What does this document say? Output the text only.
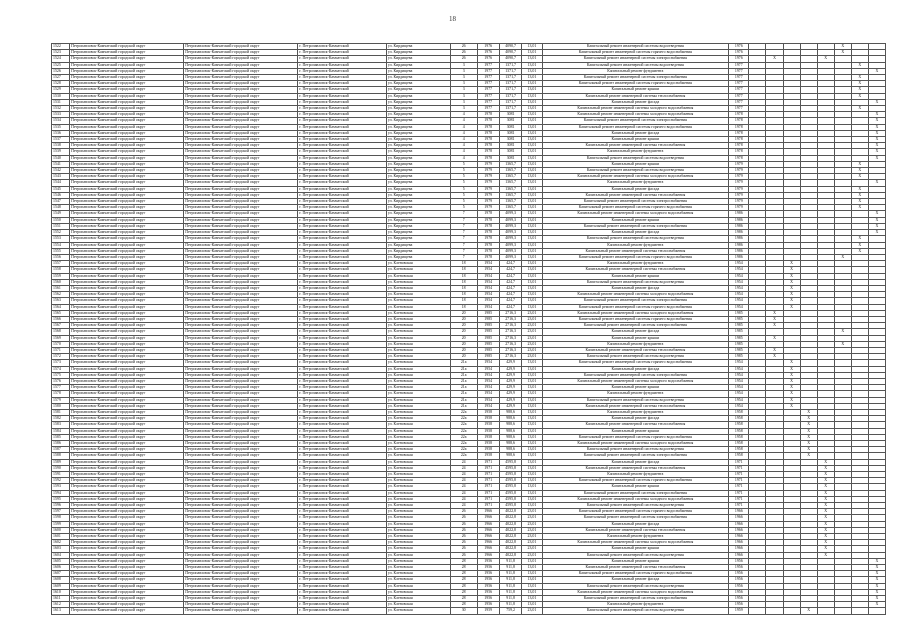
18
1522	Петропавловск-Камчатский городской округ	Петропавловск-Камчатский городской округ	г. Петропавловск-Камчатский	ул. Кирдищева	26	1976	4090,7	13,01	Капитальный ремонт инженерной системы водоотведения	1976						X		
1523	Петропавловск-Камчатский городской округ	Петропавловск-Камчатский городской округ	г. Петропавловск-Камчатский	ул. Кирдищева	26	1976	4090,7	13,01	Капитальный ремонт инженерной системы горячего водоснабжения	1976						X		
1524	Петропавловск-Камчатский городской округ	Петропавловск-Камчатский городской округ	г. Петропавловск-Камчатский	ул. Кирдищева	26	1976	4090,7	13,01	Капитальный ремонт инженерной системы электроснабжения	1976		X			X			
1525	Петропавловск-Камчатский городской округ	Петропавловск-Камчатский городской округ	г. Петропавловск-Камчатский	ул. Кирдищева	3	1977	1371,7	13,01	Капитальный ремонт инженерной системы водоотведения	1977							X	
1526	Петропавловск-Камчатский городской округ	Петропавловск-Камчатский городской округ	г. Петропавловск-Камчатский	ул. Кирдищева	3	1977	1371,7	13,01	Капитальный ремонт фундамента	1977								X
1527	Петропавловск-Камчатский городской округ	Петропавловск-Камчатский городской округ	г. Петропавловск-Камчатский	ул. Кирдищева	3	1977	1371,7	13,01	Капитальный ремонт инженерной системы электроснабжения	1977							X	
1528	Петропавловск-Камчатский городской округ	Петропавловск-Камчатский городской округ	г. Петропавловск-Камчатский	ул. Кирдищева	3	1977	1371,7	13,01	Капитальный ремонт инженерной системы горячего водоснабжения	1977							X	
1529	Петропавловск-Камчатский городской округ	Петропавловск-Камчатский городской округ	г. Петропавловск-Камчатский	ул. Кирдищева	3	1977	1371,7	13,01	Капитальный ремонт крыши	1977							X	
1530	Петропавловск-Камчатский городской округ	Петропавловск-Камчатский городской округ	г. Петропавловск-Камчатский	ул. Кирдищева	3	1977	1371,7	13,01	Капитальный ремонт инженерной системы теплоснабжения	1977							X	
1531	Петропавловск-Камчатский городской округ	Петропавловск-Камчатский городской округ	г. Петропавловск-Камчатский	ул. Кирдищева	3	1977	1371,7	13,01	Капитальный ремонт фасада	1977								X
1532	Петропавловск-Камчатский городской округ	Петропавловск-Камчатский городской округ	г. Петропавловск-Камчатский	ул. Кирдищева	3	1977	1371,7	13,01	Капитальный ремонт инженерной системы холодного водоснабжения	1977							X	
1533	Петропавловск-Камчатский городской округ	Петропавловск-Камчатский городской округ	г. Петропавловск-Камчатский	ул. Кирдищева	4	1978	3081	13,01	Капитальный ремонт инженерной системы холодного водоснабжения	1978								X
1534	Петропавловск-Камчатский городской округ	Петропавловск-Камчатский городской округ	г. Петропавловск-Камчатский	ул. Кирдищева	4	1978	3081	13,01	Капитальный ремонт инженерной системы электроснабжения	1978								X
1535	Петропавловск-Камчатский городской округ	Петропавловск-Камчатский городской округ	г. Петропавловск-Камчатский	ул. Кирдищева	4	1978	3081	13,01	Капитальный ремонт инженерной системы горячего водоснабжения	1978								X
1536	Петропавловск-Камчатский городской округ	Петропавловск-Камчатский городской округ	г. Петропавловск-Камчатский	ул. Кирдищева	4	1978	3081	13,01	Капитальный ремонт фасада	1978								X
1537	Петропавловск-Камчатский городской округ	Петропавловск-Камчатский городской округ	г. Петропавловск-Камчатский	ул. Кирдищева	4	1978	3081	13,01	Капитальный ремонт крыши	1978								X
1538	Петропавловск-Камчатский городской округ	Петропавловск-Камчатский городской округ	г. Петропавловск-Камчатский	ул. Кирдищева	4	1978	3081	13,01	Капитальный ремонт инженерной системы теплоснабжения	1978								X
1539	Петропавловск-Камчатский городской округ	Петропавловск-Камчатский городской округ	г. Петропавловск-Камчатский	ул. Кирдищева	4	1978	3081	13,01	Капитальный ремонт фундамента	1978								X
1540	Петропавловск-Камчатский городской округ	Петропавловск-Камчатский городской округ	г. Петропавловск-Камчатский	ул. Кирдищева	4	1978	3081	13,01	Капитальный ремонт инженерной системы водоотведения	1978								X
1541	Петропавловск-Камчатский городской округ	Петропавловск-Камчатский городской округ	г. Петропавловск-Камчатский	ул. Кирдищева	5	1979	1365,7	13,01	Капитальный ремонт крыши	1979							X	
1542	Петропавловск-Камчатский городской округ	Петропавловск-Камчатский городской округ	г. Петропавловск-Камчатский	ул. Кирдищева	5	1979	1365,7	13,01	Капитальный ремонт инженерной системы водоотведения	1979							X	
1543	Петропавловск-Камчатский городской округ	Петропавловск-Камчатский городской округ	г. Петропавловск-Камчатский	ул. Кирдищева	5	1979	1365,7	13,01	Капитальный ремонт инженерной системы холодного водоснабжения	1979							X	
1544	Петропавловск-Камчатский городской округ	Петропавловск-Камчатский городской округ	г. Петропавловск-Камчатский	ул. Кирдищева	5	1979	1365,7	13,01	Капитальный ремонт фундамента	1979								X
1545	Петропавловск-Камчатский городской округ	Петропавловск-Камчатский городской округ	г. Петропавловск-Камчатский	ул. Кирдищева	5	1979	1365,7	13,01	Капитальный ремонт фасада	1979							X	
1546	Петропавловск-Камчатский городской округ	Петропавловск-Камчатский городской округ	г. Петропавловск-Камчатский	ул. Кирдищева	5	1979	1365,7	13,01	Капитальный ремонт инженерной системы теплоснабжения	1979							X	
1547	Петропавловск-Камчатский городской округ	Петропавловск-Камчатский городской округ	г. Петропавловск-Камчатский	ул. Кирдищева	5	1979	1365,7	13,01	Капитальный ремонт инженерной системы электроснабжения	1979							X	
1548	Петропавловск-Камчатский городской округ	Петропавловск-Камчатский городской округ	г. Петропавловск-Камчатский	ул. Кирдищева	5	1979	1365,7	13,01	Капитальный ремонт инженерной системы горячего водоснабжения	1979							X	
1549	Петропавловск-Камчатский городской округ	Петропавловск-Камчатский городской округ	г. Петропавловск-Камчатский	ул. Кирдищева	7	1978	4099,3	13,01	Капитальный ремонт инженерной системы холодного водоснабжения	1986								X
1550	Петропавловск-Камчатский городской округ	Петропавловск-Камчатский городской округ	г. Петропавловск-Камчатский	ул. Кирдищева	7	1978	4099,3	13,01	Капитальный ремонт крыши	1986								X
1551	Петропавловск-Камчатский городской округ	Петропавловск-Камчатский городской округ	г. Петропавловск-Камчатский	ул. Кирдищева	7	1978	4099,3	13,01	Капитальный ремонт инженерной системы электроснабжения	1986								X
1552	Петропавловск-Камчатский городской округ	Петропавловск-Камчатский городской округ	г. Петропавловск-Камчатский	ул. Кирдищева	7	1978	4099,3	13,01	Капитальный ремонт фасада	1986								X
1553	Петропавловск-Камчатский городской округ	Петропавловск-Камчатский городской округ	г. Петропавловск-Камчатский	ул. Кирдищева	7	1978	4099,3	13,01	Капитальный ремонт инженерной системы водоотведения	1986							X	
1554	Петропавловск-Камчатский городской округ	Петропавловск-Камчатский городской округ	г. Петропавловск-Камчатский	ул. Кирдищева	7	1978	4099,3	13,01	Капитальный ремонт фундамента	1986							X	
1555	Петропавловск-Камчатский городской округ	Петропавловск-Камчатский городской округ	г. Петропавловск-Камчатский	ул. Кирдищева	7	1978	4099,3	13,01	Капитальный ремонт инженерной системы теплоснабжения	1986							X	
1556	Петропавловск-Камчатский городской округ	Петропавловск-Камчатский городской округ	г. Петропавловск-Камчатский	ул. Кирдищева	7	1978	4099,3	13,01	Капитальный ремонт инженерной системы горячего водоснабжения	1986						X		
1557	Петропавловск-Камчатский городской округ	Петропавловск-Камчатский городской округ	г. Петропавловск-Камчатский	ул. Кленовская	18	1954	424,7	13,01	Капитальный ремонт фундамента	1954			X					
1558	Петропавловск-Камчатский городской округ	Петропавловск-Камчатский городской округ	г. Петропавловск-Камчатский	ул. Кленовская	18	1954	424,7	13,01	Капитальный ремонт инженерной системы теплоснабжения	1954			X					
1559	Петропавловск-Камчатский городской округ	Петропавловск-Камчатский городской округ	г. Петропавловск-Камчатский	ул. Кленовская	18	1954	424,7	13,01	Капитальный ремонт крыши	1954			X					
1560	Петропавловск-Камчатский городской округ	Петропавловск-Камчатский городской округ	г. Петропавловск-Камчатский	ул. Кленовская	18	1954	424,7	13,01	Капитальный ремонт инженерной системы водоотведения	1954			X					
1561	Петропавловск-Камчатский городской округ	Петропавловск-Камчатский городской округ	г. Петропавловск-Камчатский	ул. Кленовская	18	1954	424,7	13,01	Капитальный ремонт фасада	1954			X					
1562	Петропавловск-Камчатский городской округ	Петропавловск-Камчатский городской округ	г. Петропавловск-Камчатский	ул. Кленовская	18	1954	424,7	13,01	Капитальный ремонт инженерной системы холодного водоснабжения	1954			X					
1563	Петропавловск-Камчатский городской округ	Петропавловск-Камчатский городской округ	г. Петропавловск-Камчатский	ул. Кленовская	18	1954	424,7	13,01	Капитальный ремонт инженерной системы электроснабжения	1954			X					
1564	Петропавловск-Камчатский городской округ	Петропавловск-Камчатский городской округ	г. Петропавловск-Камчатский	ул. Кленовская	18	1954	424,7	13,01	Капитальный ремонт инженерной системы горячего водоснабжения	1954			X					
1565	Петропавловск-Камчатский городской округ	Петропавловск-Камчатский городской округ	г. Петропавловск-Камчатский	ул. Кленовская	20	1985	2716,3	23,01	Капитальный ремонт инженерной системы холодного водоснабжения	1985		X						
1566	Петропавловск-Камчатский городской округ	Петропавловск-Камчатский городской округ	г. Петропавловск-Камчатский	ул. Кленовская	20	1985	2716,3	23,01	Капитальный ремонт инженерной системы горячего водоснабжения	1985		X						
1567	Петропавловск-Камчатский городской округ	Петропавловск-Камчатский городской округ	г. Петропавловск-Камчатский	ул. Кленовская	20	1985	2716,3	23,01	Капитальный ремонт инженерной системы электроснабжения	1985		X						
1568	Петропавловск-Камчатский городской округ	Петропавловск-Камчатский городской округ	г. Петропавловск-Камчатский	ул. Кленовская	20	1985	2716,3	23,01	Капитальный ремонт фасада	1985						X		
1569	Петропавловск-Камчатский городской округ	Петропавловск-Камчатский городской округ	г. Петропавловск-Камчатский	ул. Кленовская	20	1985	2716,3	23,01	Капитальный ремонт крыши	1985		X						
1570	Петропавловск-Камчатский городской округ	Петропавловск-Камчатский городской округ	г. Петропавловск-Камчатский	ул. Кленовская	20	1985	2716,3	23,01	Капитальный ремонт фундамента	1985						X		
1571	Петропавловск-Камчатский городской округ	Петропавловск-Камчатский городской округ	г. Петропавловск-Камчатский	ул. Кленовская	20	1985	2716,3	23,01	Капитальный ремонт инженерной системы теплоснабжения	1985		X						
1572	Петропавловск-Камчатский городской округ	Петропавловск-Камчатский городской округ	г. Петропавловск-Камчатский	ул. Кленовская	20	1985	2716,3	23,01	Капитальный ремонт инженерной системы водоотведения	1985		X						
1573	Петропавловск-Камчатский городской округ	Петропавловск-Камчатский городской округ	г. Петропавловск-Камчатский	ул. Кленовская	21а	1954	429,9	13,01	Капитальный ремонт инженерной системы горячего водоснабжения	1954			X					
1574	Петропавловск-Камчатский городской округ	Петропавловск-Камчатский городской округ	г. Петропавловск-Камчатский	ул. Кленовская	21а	1954	429,9	13,01	Капитальный ремонт фасада	1954			X					
1575	Петропавловск-Камчатский городской округ	Петропавловск-Камчатский городской округ	г. Петропавловск-Камчатский	ул. Кленовская	21а	1954	429,9	13,01	Капитальный ремонт инженерной системы электроснабжения	1954			X					
1576	Петропавловск-Камчатский городской округ	Петропавловск-Камчатский городской округ	г. Петропавловск-Камчатский	ул. Кленовская	21а	1954	429,9	13,01	Капитальный ремонт инженерной системы холодного водоснабжения	1954			X					
1577	Петропавловск-Камчатский городской округ	Петропавловск-Камчатский городской округ	г. Петропавловск-Камчатский	ул. Кленовская	21а	1954	429,9	13,01	Капитальный ремонт крыши	1954			X					
1578	Петропавловск-Камчатский городской округ	Петропавловск-Камчатский городской округ	г. Петропавловск-Камчатский	ул. Кленовская	21а	1954	429,9	13,01	Капитальный ремонт фундамента	1954			X					
1579	Петропавловск-Камчатский городской округ	Петропавловск-Камчатский городской округ	г. Петропавловск-Камчатский	ул. Кленовская	21а	1954	429,9	13,01	Капитальный ремонт инженерной системы водоотведения	1954			X					
1580	Петропавловск-Камчатский городской округ	Петропавловск-Камчатский городской округ	г. Петропавловск-Камчатский	ул. Кленовская	21а	1954	429,9	13,01	Капитальный ремонт инженерной системы теплоснабжения	1954			X					
1581	Петропавловск-Камчатский городской округ	Петропавловск-Камчатский городской округ	г. Петропавловск-Камчатский	ул. Кленовская	22а	1958	988,6	13,01	Капитальный ремонт фундамента	1958				X				
1582	Петропавловск-Камчатский городской округ	Петропавловск-Камчатский городской округ	г. Петропавловск-Камчатский	ул. Кленовская	22а	1958	988,6	13,01	Капитальный ремонт фасада	1958				X				
1583	Петропавловск-Камчатский городской округ	Петропавловск-Камчатский городской округ	г. Петропавловск-Камчатский	ул. Кленовская	22а	1958	988,6	13,01	Капитальный ремонт инженерной системы теплоснабжения	1958				X				
1584	Петропавловск-Камчатский городской округ	Петропавловск-Камчатский городской округ	г. Петропавловск-Камчатский	ул. Кленовская	22а	1958	988,6	13,01	Капитальный ремонт крыши	1958				X				
1585	Петропавловск-Камчатский городской округ	Петропавловск-Камчатский городской округ	г. Петропавловск-Камчатский	ул. Кленовская	22а	1958	988,6	13,01	Капитальный ремонт инженерной системы горячего водоснабжения	1958				X				
1586	Петропавловск-Камчатский городской округ	Петропавловск-Камчатский городской округ	г. Петропавловск-Камчатский	ул. Кленовская	22а	1958	988,6	13,01	Капитальный ремонт инженерной системы холодного водоснабжения	1958				X				
1587	Петропавловск-Камчатский городской округ	Петропавловск-Камчатский городской округ	г. Петропавловск-Камчатский	ул. Кленовская	22а	1958	988,6	13,01	Капитальный ремонт инженерной системы водоотведения	1958				X				
1588	Петропавловск-Камчатский городской округ	Петропавловск-Камчатский городской округ	г. Петропавловск-Камчатский	ул. Кленовская	22а	1958	988,6	13,01	Капитальный ремонт инженерной системы электроснабжения	1958				X				
1589	Петропавловск-Камчатский городской округ	Петропавловск-Камчатский городской округ	г. Петропавловск-Камчатский	ул. Кленовская	24	1971	4595,8	13,01	Капитальный ремонт фасада	1971					X			
1590	Петропавловск-Камчатский городской округ	Петропавловск-Камчатский городской округ	г. Петропавловск-Камчатский	ул. Кленовская	24	1971	4595,8	13,01	Капитальный ремонт инженерной системы теплоснабжения	1971					X			
1591	Петропавловск-Камчатский городской округ	Петропавловск-Камчатский городской округ	г. Петропавловск-Камчатский	ул. Кленовская	24	1971	4595,8	13,01	Капитальный ремонт фундамента	1971					X			
1592	Петропавловск-Камчатский городской округ	Петропавловск-Камчатский городской округ	г. Петропавловск-Камчатский	ул. Кленовская	24	1971	4595,8	13,01	Капитальный ремонт инженерной системы горячего водоснабжения	1971					X			
1593	Петропавловск-Камчатский городской округ	Петропавловск-Камчатский городской округ	г. Петропавловск-Камчатский	ул. Кленовская	24	1971	4595,8	13,01	Капитальный ремонт крыши	1971					X			
1594	Петропавловск-Камчатский городской округ	Петропавловск-Камчатский городской округ	г. Петропавловск-Камчатский	ул. Кленовская	24	1971	4595,8	13,01	Капитальный ремонт инженерной системы электроснабжения	1971					X			
1595	Петропавловск-Камчатский городской округ	Петропавловск-Камчатский городской округ	г. Петропавловск-Камчатский	ул. Кленовская	24	1971	4595,8	13,01	Капитальный ремонт инженерной системы холодного водоснабжения	1971					X			
1596	Петропавловск-Камчатский городской округ	Петропавловск-Камчатский городской округ	г. Петропавловск-Камчатский	ул. Кленовская	24	1971	4595,8	13,01	Капитальный ремонт инженерной системы водоотведения	1971					X			
1597	Петропавловск-Камчатский городской округ	Петропавловск-Камчатский городской округ	г. Петропавловск-Камчатский	ул. Кленовская	26	1966	4022,8	23,01	Капитальный ремонт инженерной системы горячего водоснабжения	1966					X			
1598	Петропавловск-Камчатский городской округ	Петропавловск-Камчатский городской округ	г. Петропавловск-Камчатский	ул. Кленовская	26	1966	4022,8	23,01	Капитальный ремонт инженерной системы электроснабжения	1966					X			
1599	Петропавловск-Камчатский городской округ	Петропавловск-Камчатский городской округ	г. Петропавловск-Камчатский	ул. Кленовская	26	1966	4022,8	23,01	Капитальный ремонт фасада	1966					X			
1600	Петропавловск-Камчатский городской округ	Петропавловск-Камчатский городской округ	г. Петропавловск-Камчатский	ул. Кленовская	26	1966	4022,8	23,01	Капитальный ремонт инженерной системы теплоснабжения	1966					X			
1601	Петропавловск-Камчатский городской округ	Петропавловск-Камчатский городской округ	г. Петропавловск-Камчатский	ул. Кленовская	26	1966	4022,8	23,01	Капитальный ремонт фундамента	1966					X			
1602	Петропавловск-Камчатский городской округ	Петропавловск-Камчатский городской округ	г. Петропавловск-Камчатский	ул. Кленовская	26	1966	4022,8	23,01	Капитальный ремонт инженерной системы холодного водоснабжения	1966					X			
1603	Петропавловск-Камчатский городской округ	Петропавловск-Камчатский городской округ	г. Петропавловск-Камчатский	ул. Кленовская	26	1966	4022,8	23,01	Капитальный ремонт крыши	1966					X			
1604	Петропавловск-Камчатский городской округ	Петропавловск-Камчатский городской округ	г. Петропавловск-Камчатский	ул. Кленовская	26	1966	4022,8	23,01	Капитальный ремонт инженерной системы водоотведения	1966					X			
1605	Петропавловск-Камчатский городской округ	Петропавловск-Камчатский городской округ	г. Петропавловск-Камчатский	ул. Кленовская	28	1956	911,8	13,01	Капитальный ремонт крыши	1956								X
1606	Петропавловск-Камчатский городской округ	Петропавловск-Камчатский городской округ	г. Петропавловск-Камчатский	ул. Кленовская	28	1956	911,8	13,01	Капитальный ремонт инженерной системы теплоснабжения	1956								X
1607	Петропавловск-Камчатский городской округ	Петропавловск-Камчатский городской округ	г. Петропавловск-Камчатский	ул. Кленовская	28	1956	911,8	13,01	Капитальный ремонт инженерной системы горячего водоснабжения	1956								X
1608	Петропавловск-Камчатский городской округ	Петропавловск-Камчатский городской округ	г. Петропавловск-Камчатский	ул. Кленовская	28	1956	911,8	13,01	Капитальный ремонт фасада	1956								X
1609	Петропавловск-Камчатский городской округ	Петропавловск-Камчатский городской округ	г. Петропавловск-Камчатский	ул. Кленовская	28	1956	911,8	13,01	Капитальный ремонт инженерной системы водоотведения	1956								X
1610	Петропавловск-Камчатский городской округ	Петропавловск-Камчатский городской округ	г. Петропавловск-Камчатский	ул. Кленовская	28	1956	911,8	13,01	Капитальный ремонт инженерной системы холодного водоснабжения	1956								X
1611	Петропавловск-Камчатский городской округ	Петропавловск-Камчатский городской округ	г. Петропавловск-Камчатский	ул. Кленовская	28	1956	911,8	13,01	Капитальный ремонт инженерной системы электроснабжения	1956								X
1612	Петропавловск-Камчатский городской округ	Петропавловск-Камчатский городской округ	г. Петропавловск-Камчатский	ул. Кленовская	28	1956	911,8	13,01	Капитальный ремонт фундамента	1956								X
1613	Петропавловск-Камчатский городской округ	Петропавловск-Камчатский городской округ	г. Петропавловск-Камчатский	ул. Кленовская	30	1959	759,2	23,01	Капитальный ремонт инженерной системы водоотведения	1959				X				
